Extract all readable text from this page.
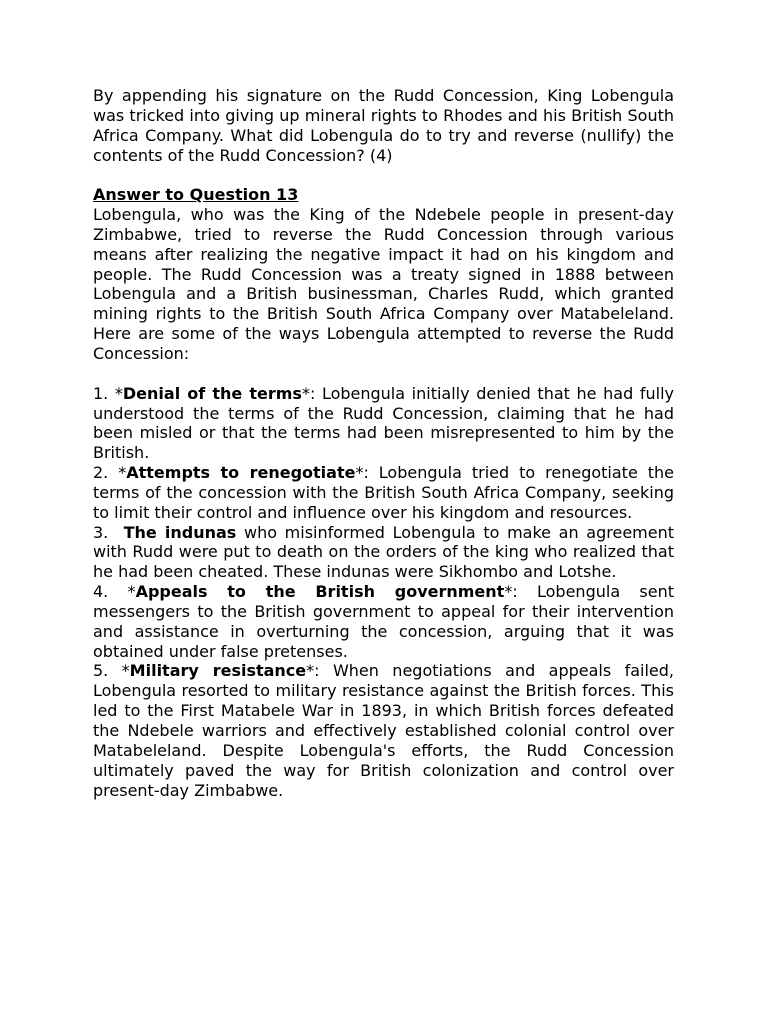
By appending his signature on the Rudd Concession, King Lobengula was tricked into giving up mineral rights to Rhodes and his British South Africa Company. What did Lobengula do to try and reverse (nullify) the contents of the Rudd Concession? (4)

Answer to Question 13

Lobengula, who was the King of the Ndebele people in present-day Zimbabwe, tried to reverse the Rudd Concession through various means after realizing the negative impact it had on his kingdom and people. The Rudd Concession was a treaty signed in 1888 between Lobengula and a British businessman, Charles Rudd, which granted mining rights to the British South Africa Company over Matabeleland. Here are some of the ways Lobengula attempted to reverse the Rudd Concession:

1. *Denial of the terms*: Lobengula initially denied that he had fully understood the terms of the Rudd Concession, claiming that he had been misled or that the terms had been misrepresented to him by the British.

2. *Attempts to renegotiate*: Lobengula tried to renegotiate the terms of the concession with the British South Africa Company, seeking to limit their control and influence over his kingdom and resources.

3.  The indunas who misinformed Lobengula to make an agreement with Rudd were put to death on the orders of the king who realized that he had been cheated. These indunas were Sikhombo and Lotshe.

4. *Appeals to the British government*: Lobengula sent messengers to the British government to appeal for their intervention and assistance in overturning the concession, arguing that it was obtained under false pretenses.

5. *Military resistance*: When negotiations and appeals failed, Lobengula resorted to military resistance against the British forces. This led to the First Matabele War in 1893, in which British forces defeated the Ndebele warriors and effectively established colonial control over Matabeleland. Despite Lobengula's efforts, the Rudd Concession ultimately paved the way for British colonization and control over present-day Zimbabwe.
